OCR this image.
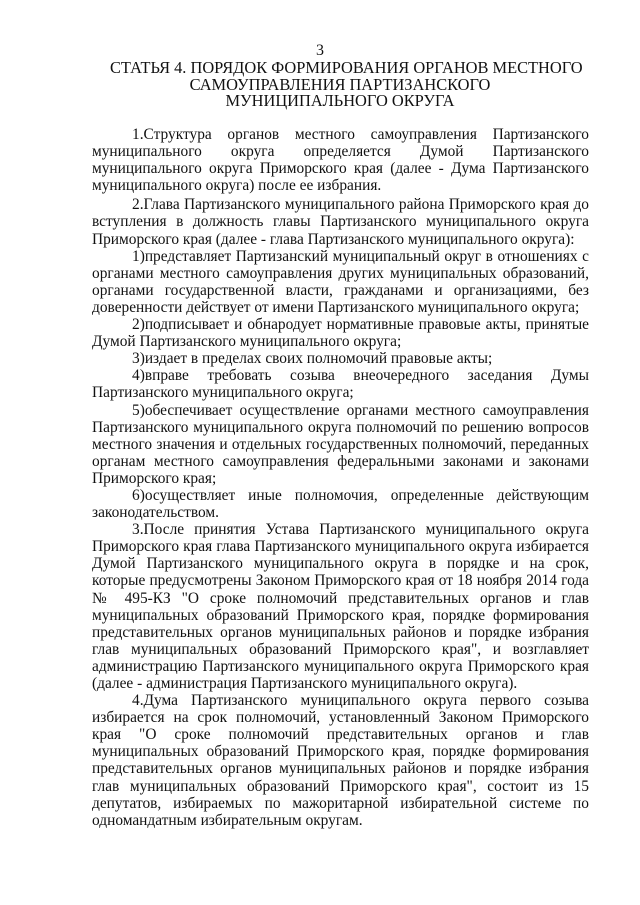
3
СТАТЬЯ 4. ПОРЯДОК ФОРМИРОВАНИЯ ОРГАНОВ МЕСТНОГО
САМОУПРАВЛЕНИЯ ПАРТИЗАНСКОГО
МУНИЦИПАЛЬНОГО ОКРУГА

1.Структура органов местного самоуправления Партизанского муниципального округа определяется Думой Партизанского муниципального округа Приморского края (далее - Дума Партизанского муниципального округа) после ее избрания.

2.Глава Партизанского муниципального района Приморского края до вступления в должность главы Партизанского муниципального округа Приморского края (далее - глава Партизанского муниципального округа):

1)представляет Партизанский муниципальный округ в отношениях с органами местного самоуправления других муниципальных образований, органами государственной власти, гражданами и организациями, без доверенности действует от имени Партизанского муниципального округа;

2)подписывает и обнародует нормативные правовые акты, принятые Думой Партизанского муниципального округа;

3)издает в пределах своих полномочий правовые акты;

4)вправе требовать созыва внеочередного заседания Думы Партизанского муниципального округа;

5)обеспечивает осуществление органами местного самоуправления Партизанского муниципального округа полномочий по решению вопросов местного значения и отдельных государственных полномочий, переданных органам местного самоуправления федеральными законами и законами Приморского края;

6)осуществляет иные полномочия, определенные действующим законодательством.

3.После принятия Устава Партизанского муниципального округа Приморского края глава Партизанского муниципального округа избирается Думой Партизанского муниципального округа в порядке и на срок, которые предусмотрены Законом Приморского края от 18 ноября 2014 года № 495-КЗ "О сроке полномочий представительных органов и глав муниципальных образований Приморского края, порядке формирования представительных органов муниципальных районов и порядке избрания глав муниципальных образований Приморского края", и возглавляет администрацию Партизанского муниципального округа Приморского края (далее - администрация Партизанского муниципального округа).

4.Дума Партизанского муниципального округа первого созыва избирается на срок полномочий, установленный Законом Приморского края "О сроке полномочий представительных органов и глав муниципальных образований Приморского края, порядке формирования представительных органов муниципальных районов и порядке избрания глав муниципальных образований Приморского края", состоит из 15 депутатов, избираемых по мажоритарной избирательной системе по одномандатным избирательным округам.
